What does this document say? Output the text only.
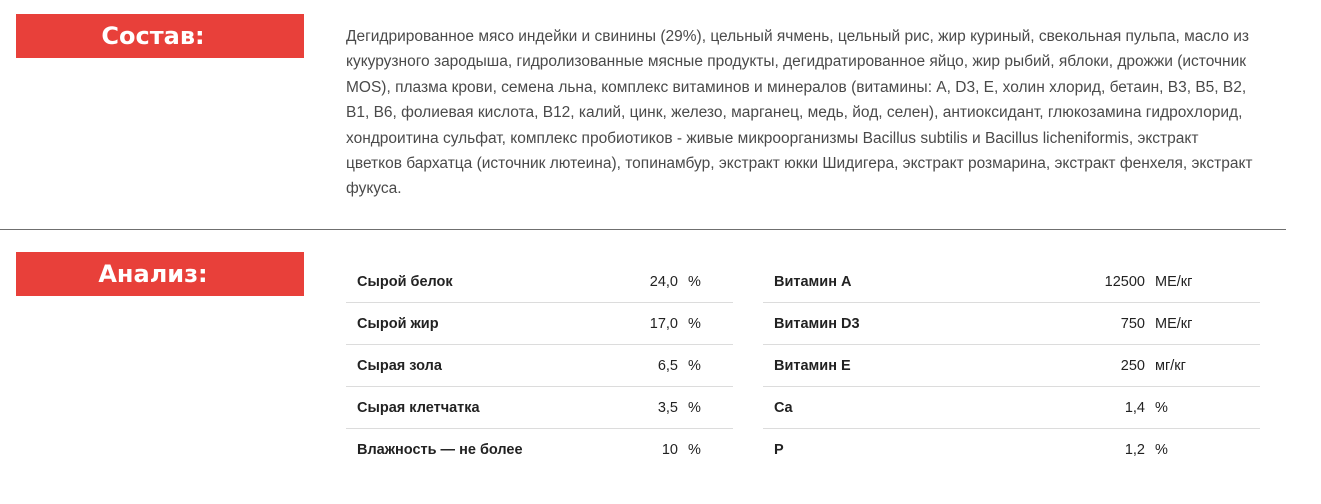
Состав:	Дегидрированное мясо индейки и свинины (29%), цельный ячмень, цельный рис, жир куриный, свекольная пульпа, масло из кукурузного зародыша, гидролизованные мясные продукты, дегидратированное яйцо, жир рыбий, яблоки, дрожжи (источник MOS), плазма крови, семена льна, комплекс витаминов и минералов (витамины: A, D3, E, холин хлорид, бетаин, B3, B5, B2, B1, B6, фолиевая кислота, B12, калий, цинк, железо, марганец, медь, йод, селен), антиоксидант, глюкозамина гидрохлорид, хондроитина сульфат, комплекс пробиотиков - живые микроорганизмы Bacillus subtilis и Bacillus licheniformis, экстракт цветков бархатца (источник лютеина), топинамбур, экстракт юкки Шидигера, экстракт розмарина, экстракт фенхеля, экстракт фукуса.
Анализ:	Сырой белок	24,0 %
Сырой жир	17,0 %
Сырая зола	6,5 %
Сырая клетчатка	3,5 %
Влажность — не более	10 %
Витамин A	12500 МЕ/кг
Витамин D3	750 МЕ/кг
Витамин E	250 мг/кг
Ca	1,4 %
P	1,2 %
